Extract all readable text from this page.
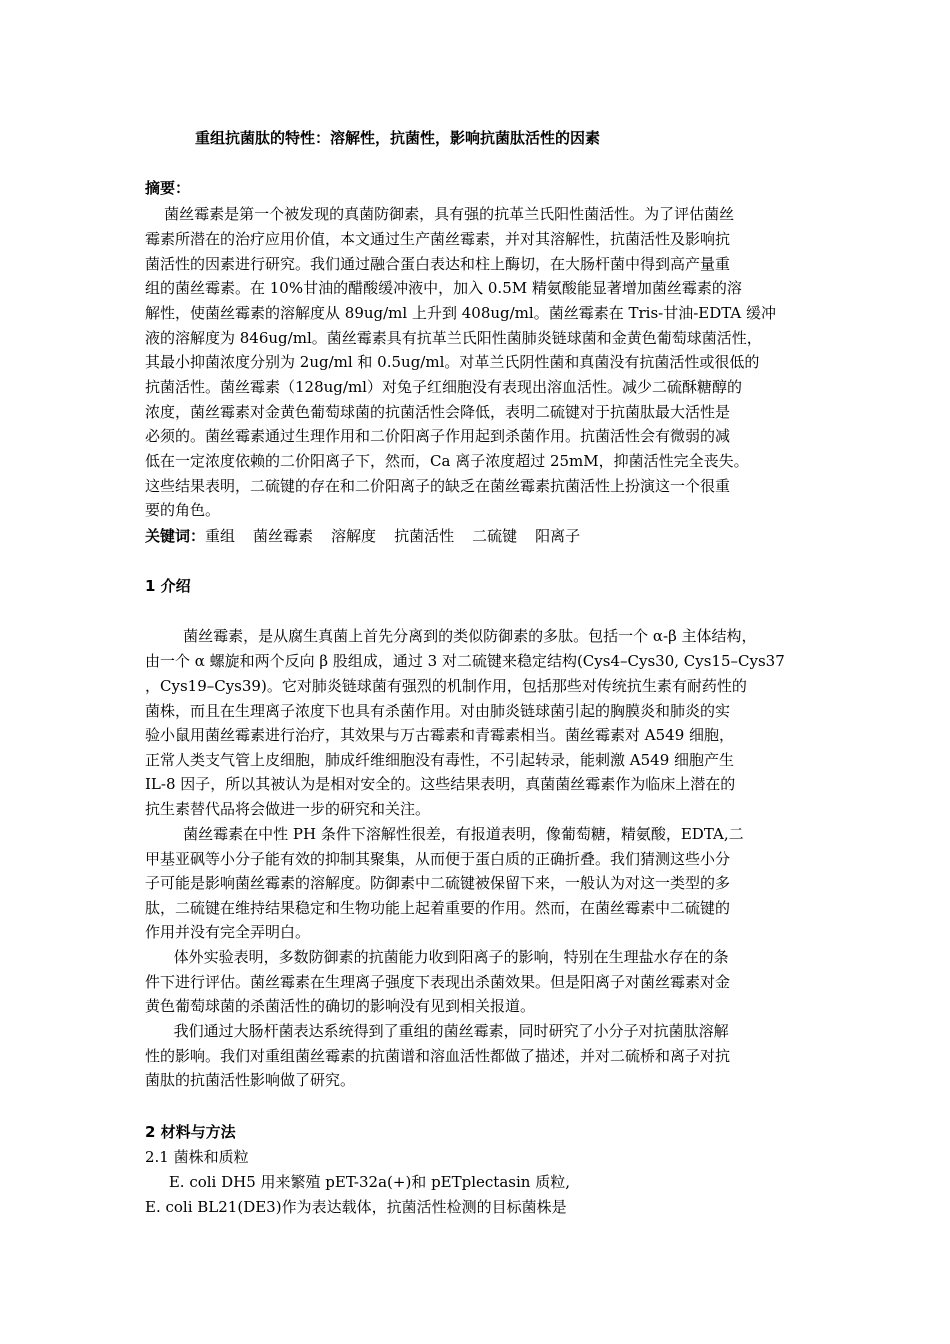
重组抗菌肽的特性：溶解性，抗菌性，影响抗菌肽活性的因素
摘要：
菌丝霉素是第一个被发现的真菌防御素，具有强的抗革兰氏阳性菌活性。为了评估菌丝
霉素所潜在的治疗应用价值，本文通过生产菌丝霉素，并对其溶解性，抗菌活性及影响抗
菌活性的因素进行研究。我们通过融合蛋白表达和柱上酶切，在大肠杆菌中得到高产量重
组的菌丝霉素。在 10%甘油的醋酸缓冲液中，加入 0.5M 精氨酸能显著增加菌丝霉素的溶
解性，使菌丝霉素的溶解度从 89ug/ml 上升到 408ug/ml。菌丝霉素在 Tris-甘油-EDTA 缓冲
液的溶解度为 846ug/ml。菌丝霉素具有抗革兰氏阳性菌肺炎链球菌和金黄色葡萄球菌活性，
其最小抑菌浓度分别为 2ug/ml 和 0.5ug/ml。对革兰氏阴性菌和真菌没有抗菌活性或很低的
抗菌活性。菌丝霉素（128ug/ml）对兔子红细胞没有表现出溶血活性。减少二硫酥糖醇的
浓度，菌丝霉素对金黄色葡萄球菌的抗菌活性会降低，表明二硫键对于抗菌肽最大活性是
必须的。菌丝霉素通过生理作用和二价阳离子作用起到杀菌作用。抗菌活性会有微弱的减
低在一定浓度依赖的二价阳离子下，然而，Ca 离子浓度超过 25mM，抑菌活性完全丧失。
这些结果表明，二硫键的存在和二价阳离子的缺乏在菌丝霉素抗菌活性上扮演这一个很重
要的角色。
关键词：重组 菌丝霉素 溶解度 抗菌活性 二硫键 阳离子
1 介绍
菌丝霉素，是从腐生真菌上首先分离到的类似防御素的多肽。包括一个 α-β 主体结构，
由一个 α 螺旋和两个反向 β 股组成，通过 3 对二硫键来稳定结构(Cys4–Cys30, Cys15–Cys37
，Cys19–Cys39)。它对肺炎链球菌有强烈的机制作用，包括那些对传统抗生素有耐药性的
菌株，而且在生理离子浓度下也具有杀菌作用。对由肺炎链球菌引起的胸膜炎和肺炎的实
验小鼠用菌丝霉素进行治疗，其效果与万古霉素和青霉素相当。菌丝霉素对 A549 细胞，
正常人类支气管上皮细胞，肺成纤维细胞没有毒性，不引起转录，能刺激 A549 细胞产生
IL-8 因子，所以其被认为是相对安全的。这些结果表明，真菌菌丝霉素作为临床上潜在的
抗生素替代品将会做进一步的研究和关注。
菌丝霉素在中性 PH 条件下溶解性很差，有报道表明，像葡萄糖，精氨酸，EDTA,二
甲基亚砜等小分子能有效的抑制其聚集，从而便于蛋白质的正确折叠。我们猜测这些小分
子可能是影响菌丝霉素的溶解度。防御素中二硫键被保留下来，一般认为对这一类型的多
肽，二硫键在维持结果稳定和生物功能上起着重要的作用。然而，在菌丝霉素中二硫键的
作用并没有完全弄明白。
体外实验表明，多数防御素的抗菌能力收到阳离子的影响，特别在生理盐水存在的条
件下进行评估。菌丝霉素在生理离子强度下表现出杀菌效果。但是阳离子对菌丝霉素对金
黄色葡萄球菌的杀菌活性的确切的影响没有见到相关报道。
我们通过大肠杆菌表达系统得到了重组的菌丝霉素，同时研究了小分子对抗菌肽溶解
性的影响。我们对重组菌丝霉素的抗菌谱和溶血活性都做了描述，并对二硫桥和离子对抗
菌肽的抗菌活性影响做了研究。
2 材料与方法
2.1 菌株和质粒
E. coli DH5 用来繁殖 pET-32a(+)和 pETplectasin 质粒,
E. coli BL21(DE3)作为表达载体，抗菌活性检测的目标菌株是
